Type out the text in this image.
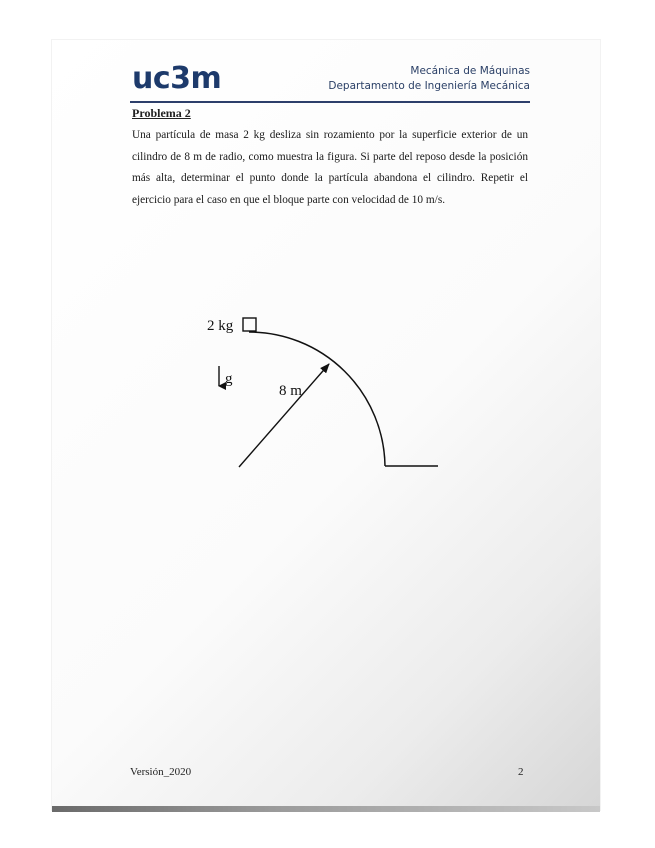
uc3m	Mecánica de Máquinas
Departamento de Ingeniería Mecánica
Problema 2
Una partícula de masa 2 kg desliza sin rozamiento por la superficie exterior de un cilindro de 8 m de radio, como muestra la figura. Si parte del reposo desde la posición más alta, determinar el punto donde la partícula abandona el cilindro. Repetir el ejercicio para el caso en que el bloque parte con velocidad de 10 m/s.
2 kg
g
8 m
Versión_2020	2
